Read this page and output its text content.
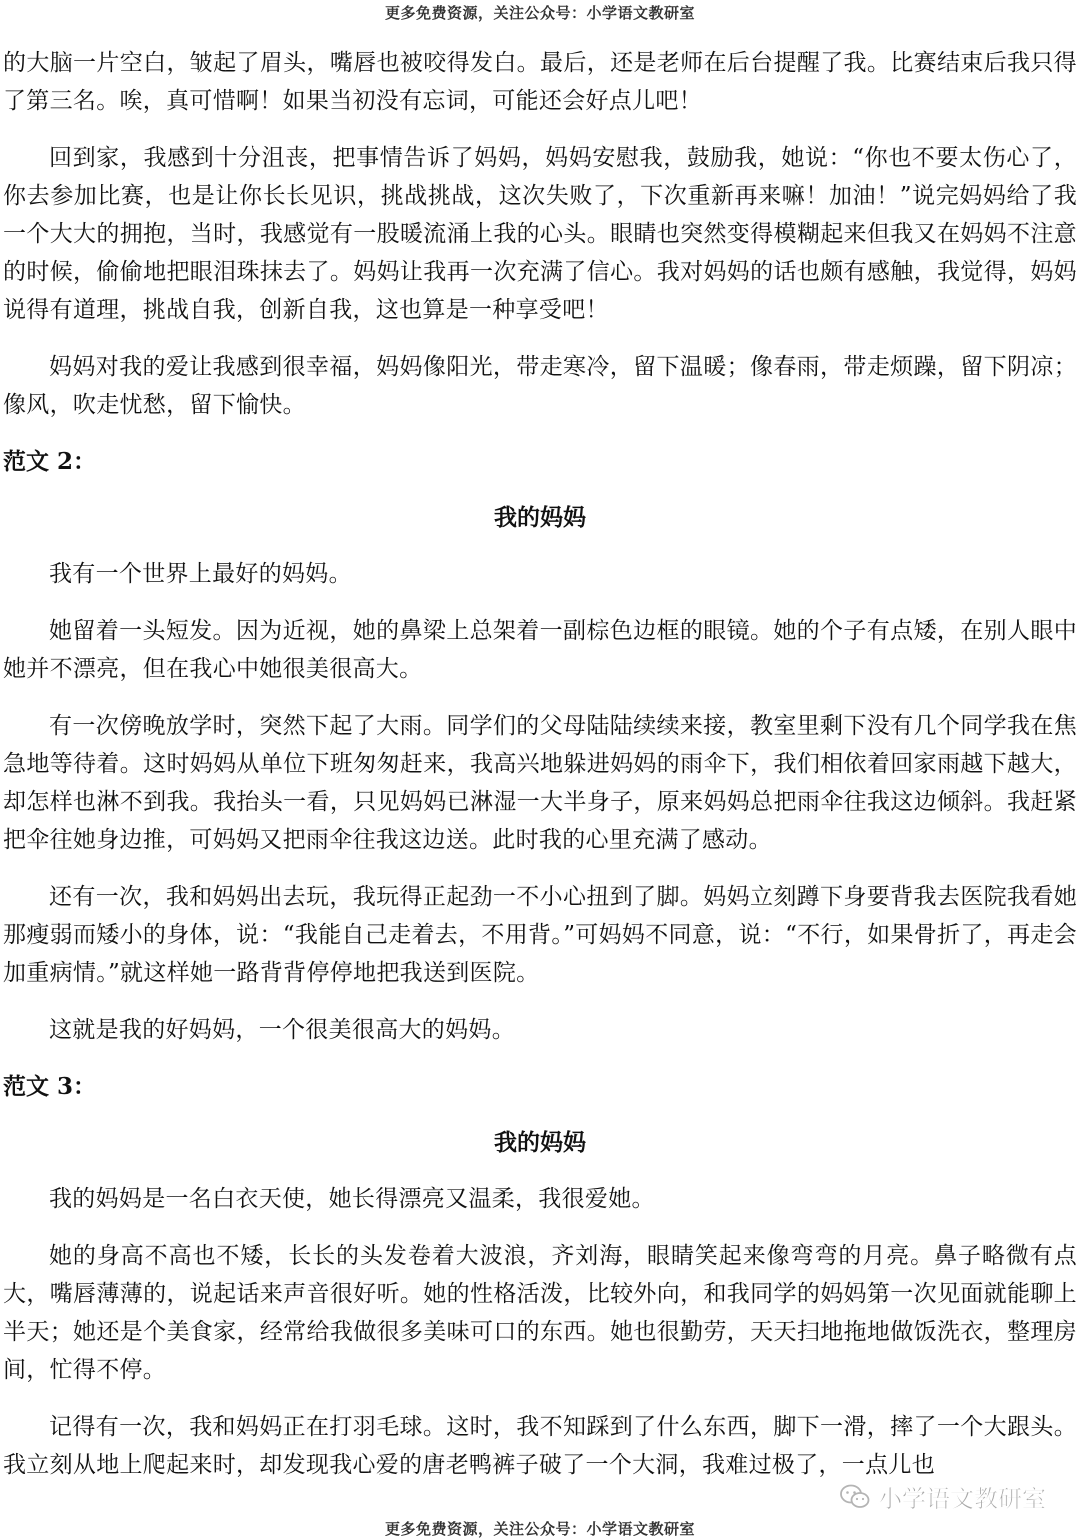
更多免费资源，关注公众号：小学语文教研室

的大脑一片空白，皱起了眉头，嘴唇也被咬得发白。最后，还是老师在后台提醒了我。比赛结束后我只得了第三名。唉，真可惜啊！如果当初没有忘词，可能还会好点儿吧！

回到家，我感到十分沮丧，把事情告诉了妈妈，妈妈安慰我，鼓励我，她说：“你也不要太伤心了，你去参加比赛，也是让你长长见识，挑战挑战，这次失败了，下次重新再来嘛！加油！”说完妈妈给了我一个大大的拥抱，当时，我感觉有一股暖流涌上我的心头。眼睛也突然变得模糊起来但我又在妈妈不注意的时候，偷偷地把眼泪珠抹去了。妈妈让我再一次充满了信心。我对妈妈的话也颇有感触，我觉得，妈妈说得有道理，挑战自我，创新自我，这也算是一种享受吧！

妈妈对我的爱让我感到很幸福，妈妈像阳光，带走寒冷，留下温暖；像春雨，带走烦躁，留下阴凉；像风，吹走忧愁，留下愉快。

范文 2：
我的妈妈

我有一个世界上最好的妈妈。

她留着一头短发。因为近视，她的鼻梁上总架着一副棕色边框的眼镜。她的个子有点矮，在别人眼中她并不漂亮，但在我心中她很美很高大。

有一次傍晚放学时，突然下起了大雨。同学们的父母陆陆续续来接，教室里剩下没有几个同学我在焦急地等待着。这时妈妈从单位下班匆匆赶来，我高兴地躲进妈妈的雨伞下，我们相依着回家雨越下越大，却怎样也淋不到我。我抬头一看，只见妈妈已淋湿一大半身子，原来妈妈总把雨伞往我这边倾斜。我赶紧把伞往她身边推，可妈妈又把雨伞往我这边送。此时我的心里充满了感动。

还有一次，我和妈妈出去玩，我玩得正起劲一不小心扭到了脚。妈妈立刻蹲下身要背我去医院我看她那瘦弱而矮小的身体，说：“我能自己走着去，不用背。”可妈妈不同意，说：“不行，如果骨折了，再走会加重病情。”就这样她一路背背停停地把我送到医院。

这就是我的好妈妈，一个很美很高大的妈妈。

范文 3：
我的妈妈

我的妈妈是一名白衣天使，她长得漂亮又温柔，我很爱她。

她的身高不高也不矮，长长的头发卷着大波浪，齐刘海，眼睛笑起来像弯弯的月亮。鼻子略微有点大，嘴唇薄薄的，说起话来声音很好听。她的性格活泼，比较外向，和我同学的妈妈第一次见面就能聊上半天；她还是个美食家，经常给我做很多美味可口的东西。她也很勤劳，天天扫地拖地做饭洗衣，整理房间，忙得不停。

记得有一次，我和妈妈正在打羽毛球。这时，我不知踩到了什么东西，脚下一滑，摔了一个大跟头。我立刻从地上爬起来时，却发现我心爱的唐老鸭裤子破了一个大洞，我难过极了，一点儿也

小学语文教研室
更多免费资源，关注公众号：小学语文教研室
